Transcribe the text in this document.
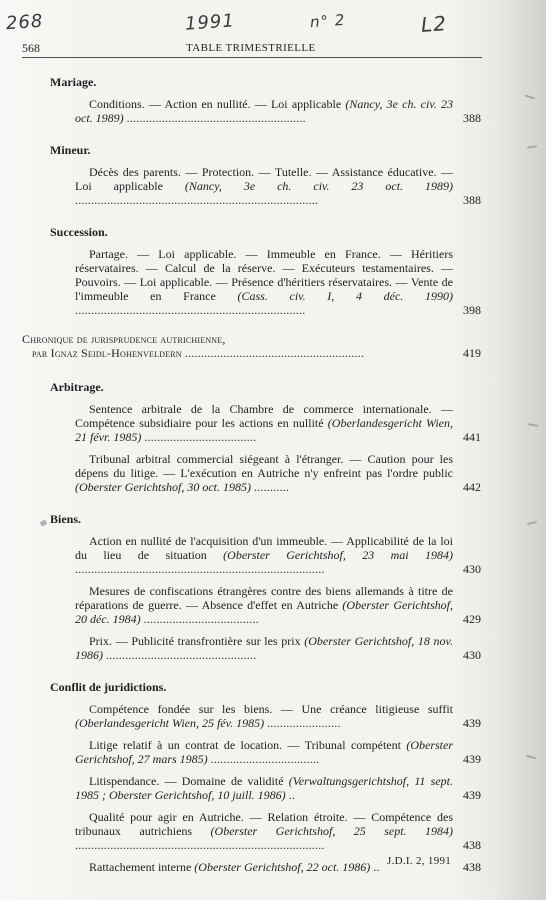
268	1991	n° 2	L2
568	TABLE TRIMESTRIELLE
Mariage.
Conditions. — Action en nullité. — Loi applicable (Nancy, 3e ch. civ. 23 oct. 1989) ........................................................	388
Mineur.
Décès des parents. — Protection. — Tutelle. — Assistance éducative. — Loi applicable (Nancy, 3e ch. civ. 23 oct. 1989) ............................................................................	388
Succession.
Partage. — Loi applicable. — Immeuble en France. — Héritiers réservataires. — Calcul de la réserve. — Exécuteurs testamentaires. — Pouvoirs. — Loi applicable. — Présence d'héritiers réservataires. — Vente de l'immeuble en France (Cass. civ. I, 4 déc. 1990) ........................................................................	398
Chronique de jurisprudence autrichienne,
par Ignaz Seidl-Hohenveldern ........................................................	419
Arbitrage.
Sentence arbitrale de la Chambre de commerce internationale. — Compétence subsidiaire pour les actions en nullité (Oberlandesgericht Wien, 21 févr. 1985) ...................................	441
Tribunal arbitral commercial siégeant à l'étranger. — Caution pour les dépens du litige. — L'exécution en Autriche n'y enfreint pas l'ordre public (Oberster Gerichtshof, 30 oct. 1985) ...........	442
Biens.
Action en nullité de l'acquisition d'un immeuble. — Applicabilité de la loi du lieu de situation (Oberster Gerichtshof, 23 mai 1984) ..............................................................................	430
Mesures de confiscations étrangères contre des biens allemands à titre de réparations de guerre. — Absence d'effet en Autriche (Oberster Gerichtshof, 20 déc. 1984) ....................................	429
Prix. — Publicité transfrontière sur les prix (Oberster Gerichtshof, 18 nov. 1986) ...............................................	430
Conflit de juridictions.
Compétence fondée sur les biens. — Une créance litigieuse suffit (Oberlandesgericht Wien, 25 fév. 1985) .......................	439
Litige relatif à un contrat de location. — Tribunal compétent (Oberster Gerichtshof, 27 mars 1985) ..................................	439
Litispendance. — Domaine de validité (Verwaltungsgerichtshof, 11 sept. 1985 ; Oberster Gerichtshof, 10 juill. 1986) ..	439
Qualité pour agir en Autriche. — Relation étroite. — Compétence des tribunaux autrichiens (Oberster Gerichtshof, 25 sept. 1984) ..............................................................................	438
Rattachement interne (Oberster Gerichtshof, 22 oct. 1986) ..	438
J.D.I. 2, 1991
